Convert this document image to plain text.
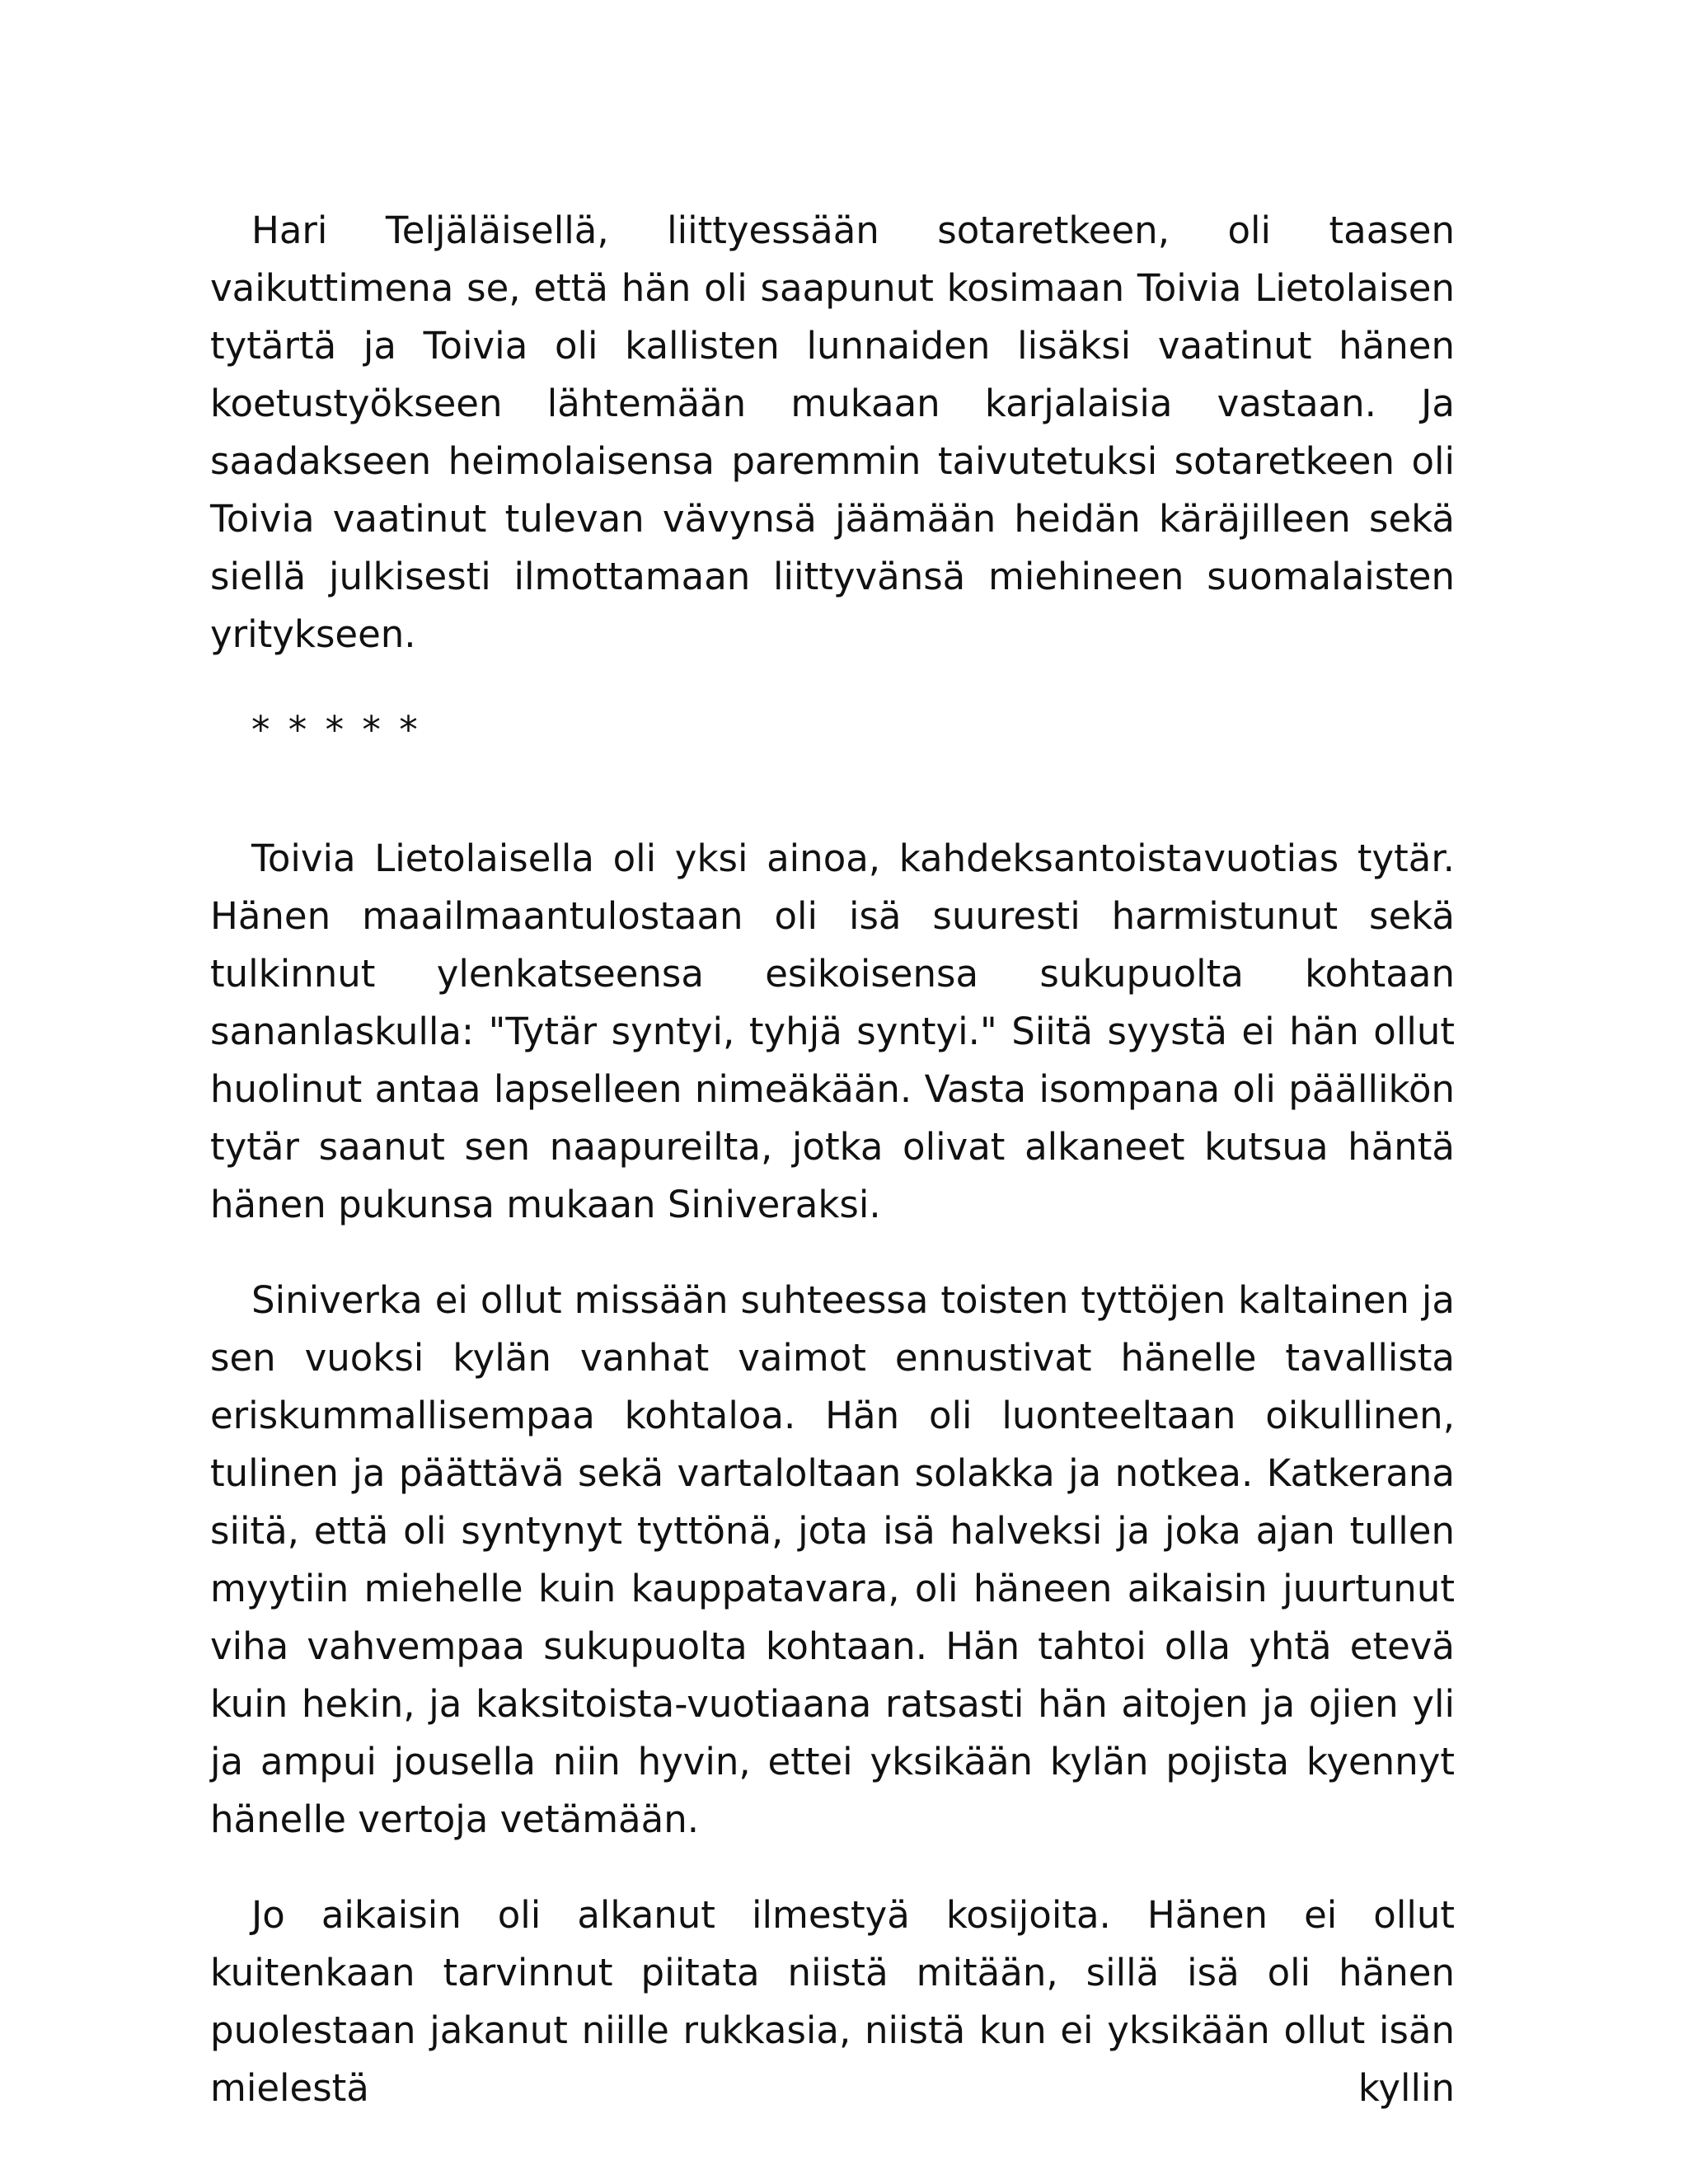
Hari Teljäläisellä, liittyessään sotaretkeen, oli taasen vaikuttimena se, että hän oli saapunut kosimaan Toivia Lietolaisen tytärtä ja Toivia oli kallisten lunnaiden lisäksi vaatinut hänen koetustyökseen lähtemään mukaan karjalaisia vastaan. Ja saadakseen heimolaisensa paremmin taivutetuksi sotaretkeen oli Toivia vaatinut tulevan vävynsä jäämään heidän käräjilleen sekä siellä julkisesti ilmottamaan liittyvänsä miehineen suomalaisten yritykseen.

* * * * *

Toivia Lietolaisella oli yksi ainoa, kahdeksantoistavuotias tytär. Hänen maailmaantulostaan oli isä suuresti harmistunut sekä tulkinnut ylenkatseensa esikoisensa sukupuolta kohtaan sananlaskulla: "Tytär syntyi, tyhjä syntyi." Siitä syystä ei hän ollut huolinut antaa lapselleen nimeäkään. Vasta isompana oli päällikön tytär saanut sen naapureilta, jotka olivat alkaneet kutsua häntä hänen pukunsa mukaan Siniveraksi.

Siniverka ei ollut missään suhteessa toisten tyttöjen kaltainen ja sen vuoksi kylän vanhat vaimot ennustivat hänelle tavallista eriskummallisempaa kohtaloa. Hän oli luonteeltaan oikullinen, tulinen ja päättävä sekä vartaloltaan solakka ja notkea. Katkerana siitä, että oli syntynyt tyttönä, jota isä halveksi ja joka ajan tullen myytiin miehelle kuin kauppatavara, oli häneen aikaisin juurtunut viha vahvempaa sukupuolta kohtaan. Hän tahtoi olla yhtä etevä kuin hekin, ja kaksitoista-vuotiaana ratsasti hän aitojen ja ojien yli ja ampui jousella niin hyvin, ettei yksikään kylän pojista kyennyt hänelle vertoja vetämään.

Jo aikaisin oli alkanut ilmestyä kosijoita. Hänen ei ollut kuitenkaan tarvinnut piitata niistä mitään, sillä isä oli hänen puolestaan jakanut niille rukkasia, niistä kun ei yksikään ollut isän mielestä kyllin
